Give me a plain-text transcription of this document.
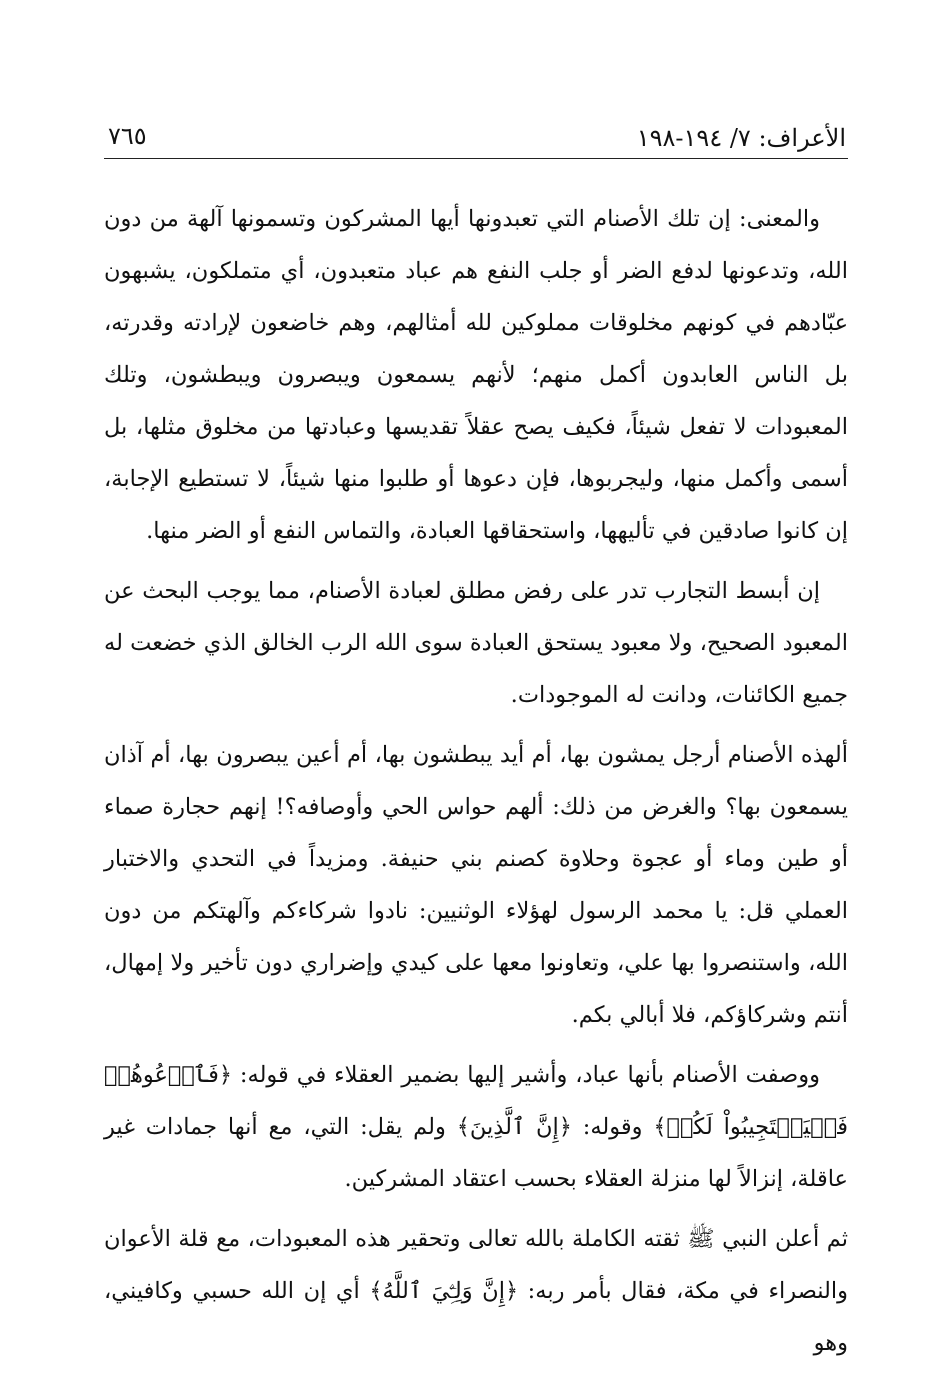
الأعراف: ٧/ ١٩٤-١٩٨
٧٦٥

والمعنى: إن تلك الأصنام التي تعبدونها أيها المشركون وتسمونها آلهة من دون الله، وتدعونها لدفع الضر أو جلب النفع هم عباد متعبدون، أي متملكون، يشبهون عبّادهم في كونهم مخلوقات مملوكين لله أمثالهم، وهم خاضعون لإرادته وقدرته، بل الناس العابدون أكمل منهم؛ لأنهم يسمعون ويبصرون ويبطشون، وتلك المعبودات لا تفعل شيئاً، فكيف يصح عقلاً تقديسها وعبادتها من مخلوق مثلها، بل أسمى وأكمل منها، وليجربوها، فإن دعوها أو طلبوا منها شيئاً، لا تستطيع الإجابة، إن كانوا صادقين في تأليهها، واستحقاقها العبادة، والتماس النفع أو الضر منها.

إن أبسط التجارب تدر على رفض مطلق لعبادة الأصنام، مما يوجب البحث عن المعبود الصحيح، ولا معبود يستحق العبادة سوى الله الرب الخالق الذي خضعت له جميع الكائنات، ودانت له الموجودات.

ألهذه الأصنام أرجل يمشون بها، أم أيد يبطشون بها، أم أعين يبصرون بها، أم آذان يسمعون بها؟ والغرض من ذلك: ألهم حواس الحي وأوصافه؟! إنهم حجارة صماء أو طين وماء أو عجوة وحلاوة كصنم بني حنيفة. ومزيداً في التحدي والاختبار العملي قل: يا محمد الرسول لهؤلاء الوثنيين: نادوا شركاءكم وآلهتكم من دون الله، واستنصروا بها علي، وتعاونوا معها على كيدي وإضراري دون تأخير ولا إمهال، أنتم وشركاؤكم، فلا أبالي بكم.

ووصفت الأصنام بأنها عباد، وأشير إليها بضمير العقلاء في قوله: ﴿فَٱدۡعُوهُمۡ فَلۡيَسۡتَجِيبُواْ لَكُمۡ﴾ وقوله: ﴿إِنَّ ٱلَّذِينَ﴾ ولم يقل: التي، مع أنها جمادات غير عاقلة، إنزالاً لها منزلة العقلاء بحسب اعتقاد المشركين.

ثم أعلن النبي ﷺ ثقته الكاملة بالله تعالى وتحقير هذه المعبودات، مع قلة الأعوان والنصراء في مكة، فقال بأمر ربه: ﴿إِنَّ وَلِـِّۧيَ ٱللَّهُ﴾ أي إن الله حسبي وكافيني، وهو
